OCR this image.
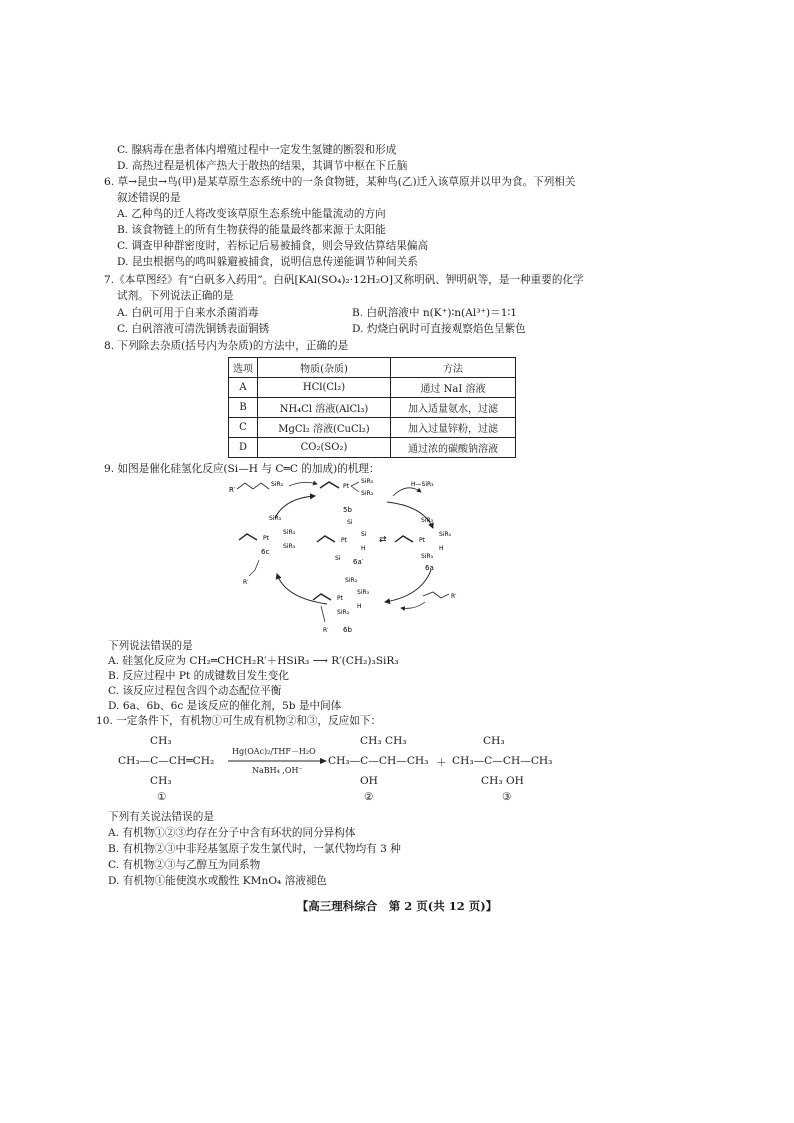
C. 腺病毒在患者体内增殖过程中一定发生氢键的断裂和形成
D. 高热过程是机体产热大于散热的结果，其调节中枢在下丘脑
6. 草→昆虫→鸟(甲)是某草原生态系统中的一条食物链，某种鸟(乙)迁入该草原并以甲为食。下列相关
叙述错误的是
A. 乙种鸟的迁人将改变该草原生态系统中能量流动的方向
B. 该食物链上的所有生物获得的能量最终都来源于太阳能
C. 调查甲种群密度时，若标记后易被捕食，则会导致估算结果偏高
D. 昆虫根据鸟的鸣叫躲避被捕食，说明信息传递能调节种间关系
7.《本草图经》有“白矾多入药用”。白矾[KAl(SO₄)₂·12H₂O]又称明矾、钾明矾等，是一种重要的化学
试剂。下列说法正确的是
A. 白矾可用于自来水杀菌消毒	B. 白矾溶液中 n(K⁺)∶n(Al³⁺)＝1∶1
C. 白矾溶液可清洗铜锈表面铜锈	D. 灼烧白矾时可直接观察焰色呈紫色
8. 下列除去杂质(括号内为杂质)的方法中，正确的是
选项	物质(杂质)	方法
A	HCl(Cl₂)	通过 NaI 溶液
B	NH₄Cl 溶液(AlCl₃)	加入适量氨水，过滤
C	MgCl₂ 溶液(CuCl₂)	加入过量锌粉，过滤
D	CO₂(SO₂)	通过浓的碳酸钠溶液
9. 如图是催化硅氢化反应(Si—H 与 C═C 的加成)的机理：
R′
SiR₃	Pt
SiR₃
SiR₃
5b
H—SiR₃
SiR₃
Pt
SiR₃
SiR₃
6c
R′
Si
Pt
Si
H
Si 6a′
⇄
SiR₃
Pt
SiR₃
H
SiR₃
6a
R′
SiR₃
Pt
SiR₃
H
SiR₃
R′ 6b
下列说法错误的是
A. 硅氢化反应为 CH₂═CHCH₂R′＋HSiR₃ ⟶ R′(CH₂)₃SiR₃
B. 反应过程中 Pt 的成键数目发生变化
C. 该反应过程包含四个动态配位平衡
D. 6a、6b、6c 是该反应的催化剂，5b 是中间体
10. 一定条件下，有机物①可生成有机物②和③，反应如下：
CH₃
CH₃—C—CH═CH₂
CH₃
①
Hg(OAc)₂/THF－H₂O
NaBH₄ ,OH⁻
CH₃ CH₃
CH₃—C—CH—CH₃
OH
②
＋
CH₃
CH₃—C—CH—CH₃
CH₃ OH
③
下列有关说法错误的是
A. 有机物①②③均存在分子中含有环状的同分异构体
B. 有机物②③中非羟基氢原子发生氯代时，一氯代物均有 3 种
C. 有机物②③与乙醇互为同系物
D. 有机物①能使溴水或酸性 KMnO₄ 溶液褪色
【高三理科综合　第 2 页(共 12 页)】
